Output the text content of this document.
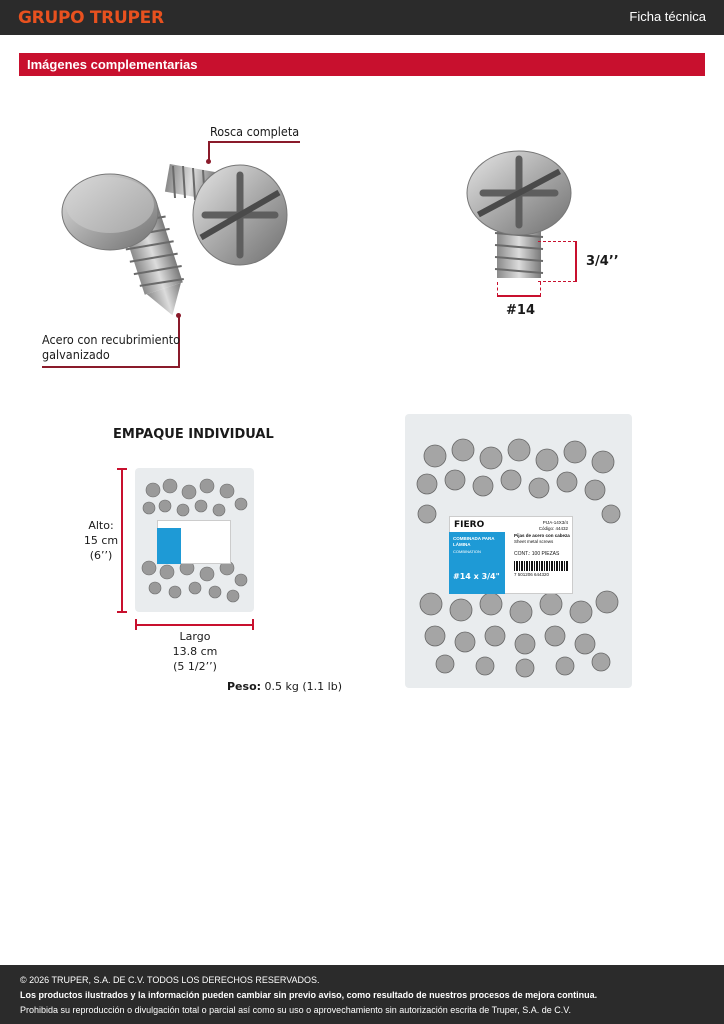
GRUPO TRUPER	Ficha técnica
Imágenes complementarias
Rosca completa
Acero con recubrimiento
galvanizado
3/4’’
#14
EMPAQUE INDIVIDUAL
Alto:
15 cm
(6’’)
Largo
13.8 cm
(5 1/2’’)
Peso: 0.5 kg (1.1 lb)
FIERO	PIJA-14X3/4
Código: 44432
Pijas de acero con cabeza
Sheet metal screws
CONT.: 100 PIEZAS
7 501206 644320
COMBINADA PARA LÁMINA
COMBINATION
#14 x 3/4"
© 2026 TRUPER, S.A. DE C.V. TODOS LOS DERECHOS RESERVADOS.
Los productos ilustrados y la información pueden cambiar sin previo aviso, como resultado de nuestros procesos de mejora continua.
Prohibida su reproducción o divulgación total o parcial así como su uso o aprovechamiento sin autorización escrita de Truper, S.A. de C.V.
